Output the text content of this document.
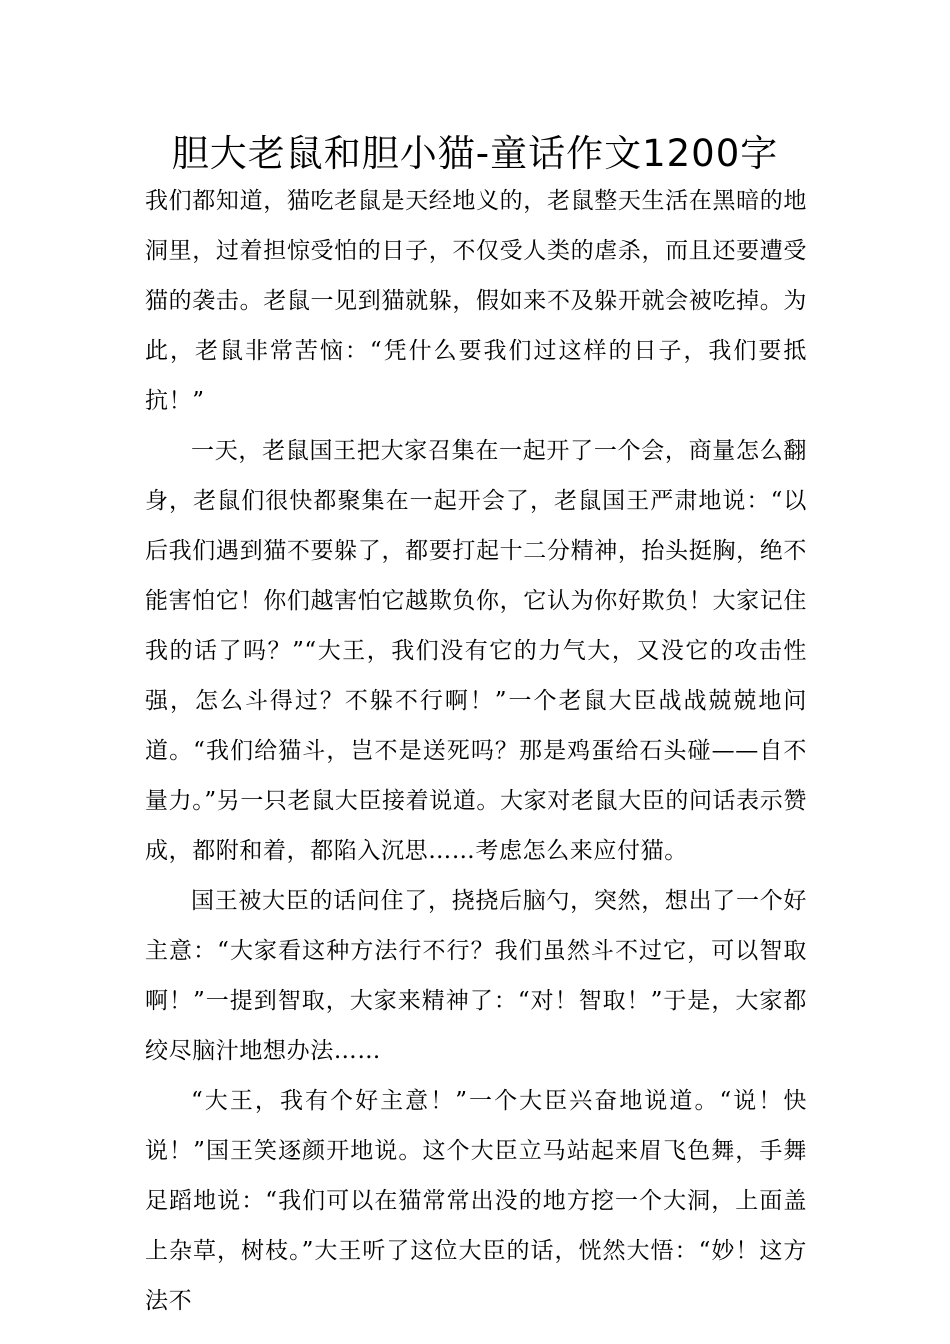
胆大老鼠和胆小猫-童话作文1200字

我们都知道，猫吃老鼠是天经地义的，老鼠整天生活在黑暗的地洞里，过着担惊受怕的日子，不仅受人类的虐杀，而且还要遭受猫的袭击。老鼠一见到猫就躲，假如来不及躲开就会被吃掉。为此，老鼠非常苦恼：“凭什么要我们过这样的日子，我们要抵抗！”

一天，老鼠国王把大家召集在一起开了一个会，商量怎么翻身，老鼠们很快都聚集在一起开会了，老鼠国王严肃地说：“以后我们遇到猫不要躲了，都要打起十二分精神，抬头挺胸，绝不能害怕它！你们越害怕它越欺负你，它认为你好欺负！大家记住我的话了吗？”“大王，我们没有它的力气大，又没它的攻击性强，怎么斗得过？不躲不行啊！”一个老鼠大臣战战兢兢地问道。“我们给猫斗，岂不是送死吗？那是鸡蛋给石头碰——自不量力。”另一只老鼠大臣接着说道。大家对老鼠大臣的问话表示赞成，都附和着，都陷入沉思……考虑怎么来应付猫。

国王被大臣的话问住了，挠挠后脑勺，突然，想出了一个好主意：“大家看这种方法行不行？我们虽然斗不过它，可以智取啊！”一提到智取，大家来精神了：“对！智取！”于是，大家都绞尽脑汁地想办法……

“大王，我有个好主意！”一个大臣兴奋地说道。“说！快说！”国王笑逐颜开地说。这个大臣立马站起来眉飞色舞，手舞足蹈地说：“我们可以在猫常常出没的地方挖一个大洞，上面盖上杂草，树枝。”大王听了这位大臣的话，恍然大悟：“妙！这方法不
